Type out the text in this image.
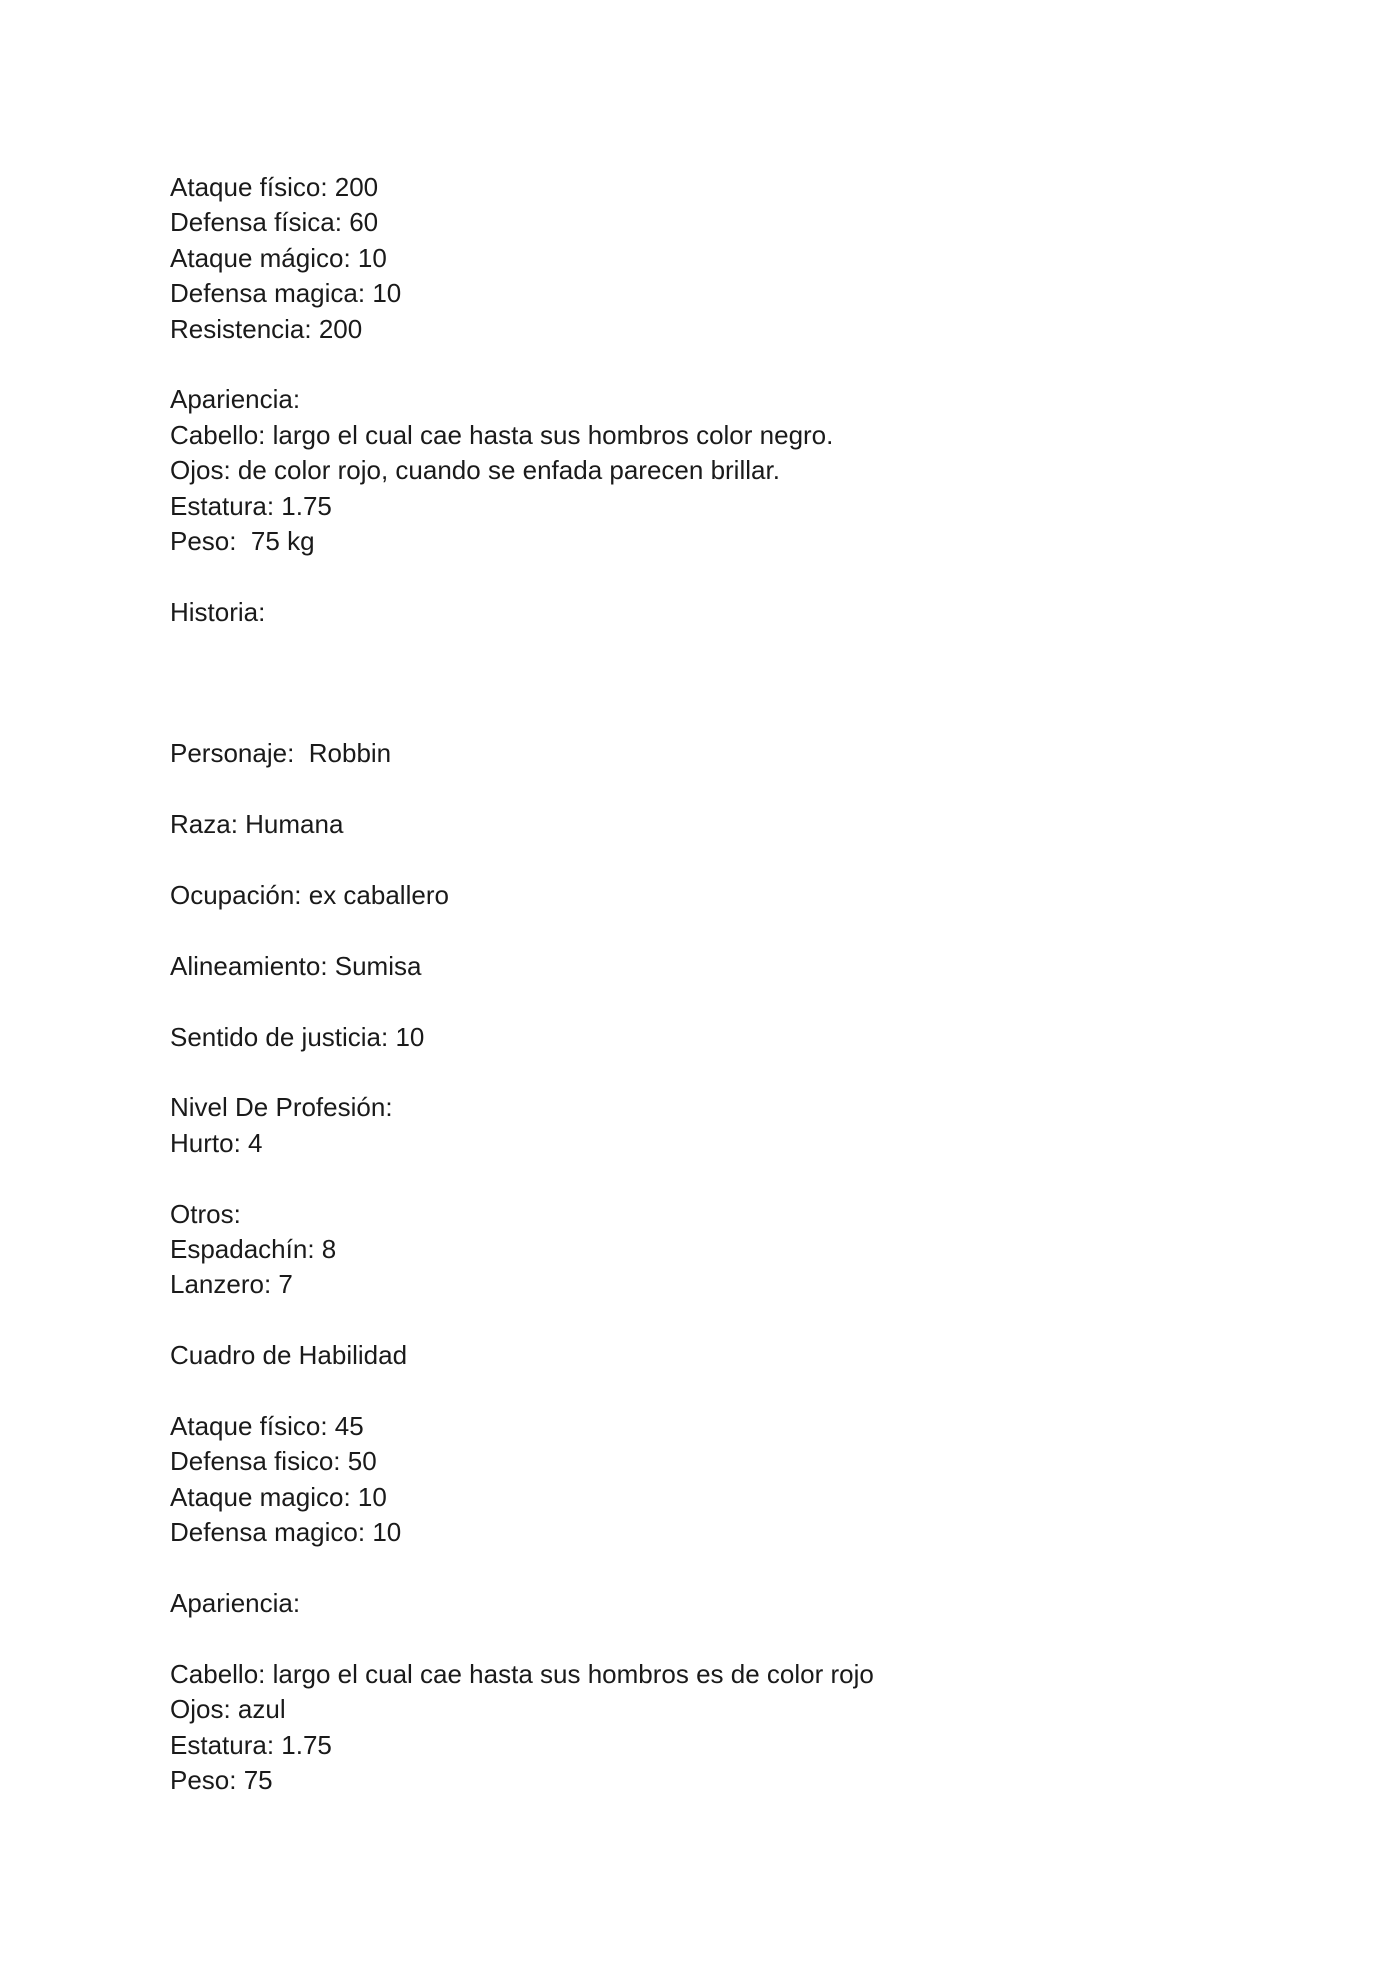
Ataque físico: 200
Defensa física: 60
Ataque mágico: 10
Defensa magica: 10
Resistencia: 200
Apariencia:
Cabello: largo el cual cae hasta sus hombros color negro.
Ojos: de color rojo, cuando se enfada parecen brillar.
Estatura: 1.75
Peso:  75 kg
Historia:
Personaje:  Robbin
Raza: Humana
Ocupación: ex caballero
Alineamiento: Sumisa
Sentido de justicia: 10
Nivel De Profesión:
Hurto: 4
Otros:
Espadachín: 8
Lanzero: 7
Cuadro de Habilidad
Ataque físico: 45
Defensa fisico: 50
Ataque magico: 10
Defensa magico: 10
Apariencia:
Cabello: largo el cual cae hasta sus hombros es de color rojo
Ojos: azul
Estatura: 1.75
Peso: 75
